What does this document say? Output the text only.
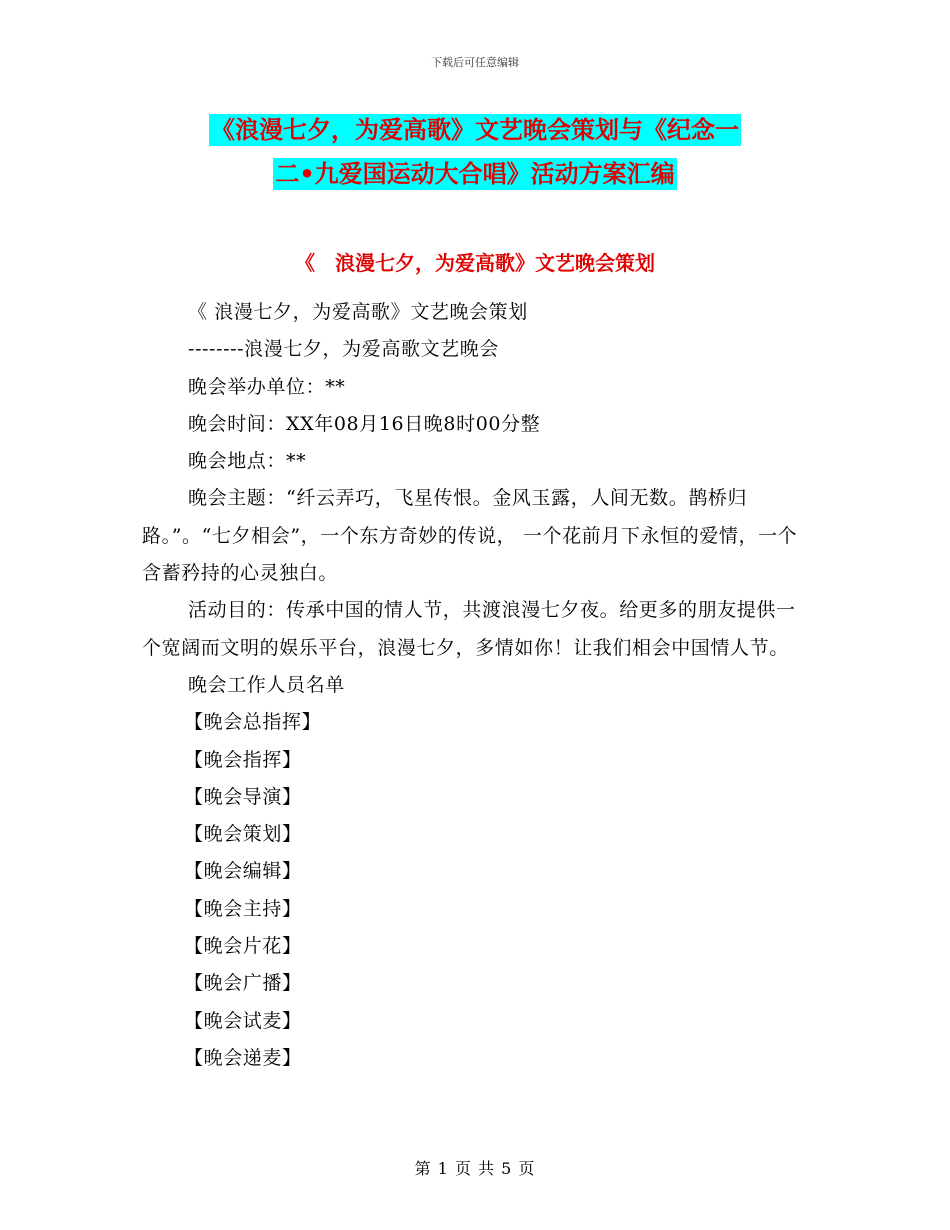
下载后可任意编辑
《浪漫七夕，为爱高歌》文艺晚会策划与《纪念一
二•九爱国运动大合唱》活动方案汇编
《　浪漫七夕，为爱高歌》文艺晚会策划

《 浪漫七夕，为爱高歌》文艺晚会策划

--------浪漫七夕，为爱高歌文艺晚会

晚会举办单位：**

晚会时间：XX年08月16日晚8时00分整

晚会地点：**

晚会主题：“纤云弄巧，飞星传恨。金风玉露，人间无数。鹊桥归路。”。“七夕相会”，一个东方奇妙的传说， 一个花前月下永恒的爱情，一个含蓄矜持的心灵独白。

活动目的：传承中国的情人节，共渡浪漫七夕夜。给更多的朋友提供一个宽阔而文明的娱乐平台，浪漫七夕，多情如你！让我们相会中国情人节。

晚会工作人员名单

【晚会总指挥】
【晚会指挥】
【晚会导演】
【晚会策划】
【晚会编辑】
【晚会主持】
【晚会片花】
【晚会广播】
【晚会试麦】
【晚会递麦】
第 1 页 共 5 页
